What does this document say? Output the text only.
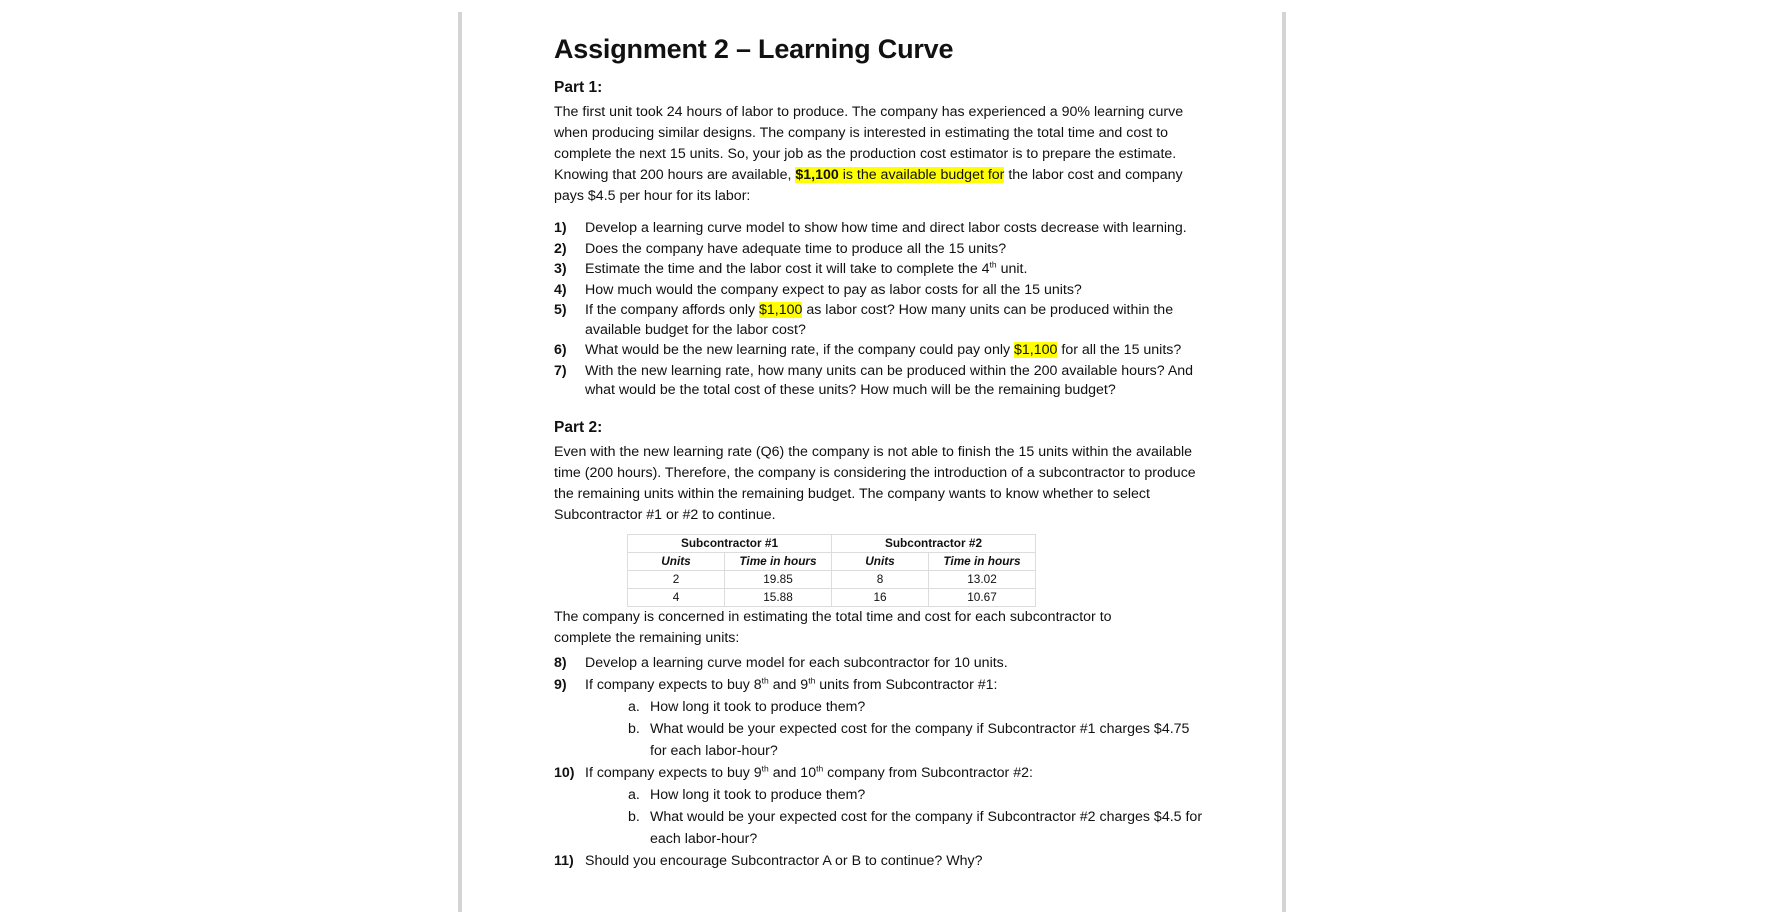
Assignment 2 – Learning Curve
Part 1:

The first unit took 24 hours of labor to produce. The company has experienced a 90% learning curve when producing similar designs. The company is interested in estimating the total time and cost to complete the next 15 units. So, your job as the production cost estimator is to prepare the estimate. Knowing that 200 hours are available, $1,100 is the available budget for the labor cost and company pays $4.5 per hour for its labor:

1) Develop a learning curve model to show how time and direct labor costs decrease with learning.
2) Does the company have adequate time to produce all the 15 units?
3) Estimate the time and the labor cost it will take to complete the 4th unit.
4) How much would the company expect to pay as labor costs for all the 15 units?
5) If the company affords only $1,100 as labor cost? How many units can be produced within the available budget for the labor cost?
6) What would be the new learning rate, if the company could pay only $1,100 for all the 15 units?
7) With the new learning rate, how many units can be produced within the 200 available hours? And what would be the total cost of these units? How much will be the remaining budget?
Part 2:

Even with the new learning rate (Q6) the company is not able to finish the 15 units within the available time (200 hours). Therefore, the company is considering the introduction of a subcontractor to produce the remaining units within the remaining budget. The company wants to know whether to select Subcontractor #1 or #2 to continue.

Subcontractor #1		Subcontractor #2	
Units	Time in hours	Units	Time in hours
2	19.85	8	13.02
4	15.88	16	10.67

The company is concerned in estimating the total time and cost for each subcontractor to complete the remaining units:

8) Develop a learning curve model for each subcontractor for 10 units.
9) If company expects to buy 8th and 9th units from Subcontractor #1:
a. How long it took to produce them?
b. What would be your expected cost for the company if Subcontractor #1 charges $4.75 for each labor-hour?
10) If company expects to buy 9th and 10th company from Subcontractor #2:
a. How long it took to produce them?
b. What would be your expected cost for the company if Subcontractor #2 charges $4.5 for each labor-hour?
11) Should you encourage Subcontractor A or B to continue? Why?
